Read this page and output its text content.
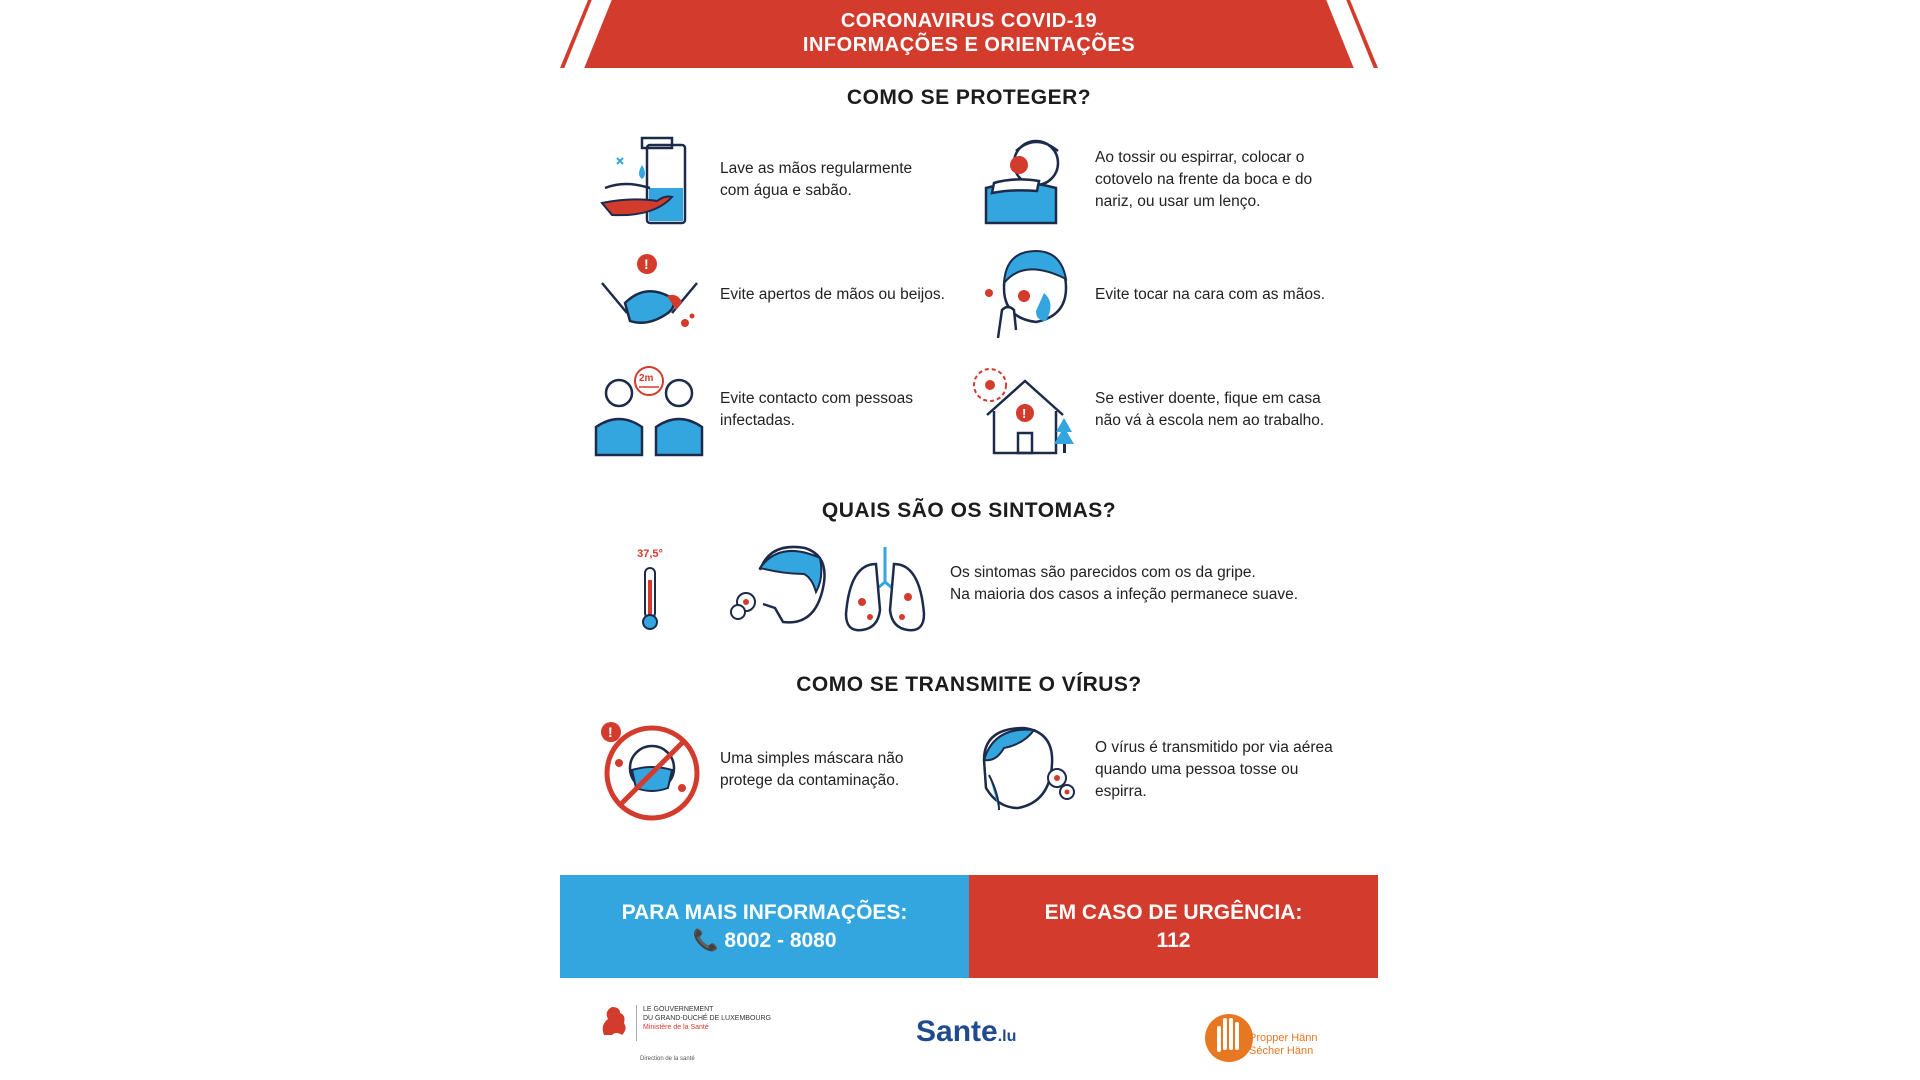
CORONAVIRUS COVID-19
INFORMAÇÕES E ORIENTAÇÕES
COMO SE PROTEGER?
Lave as mãos regularmente com água e sabão.
Ao tossir ou espirrar, colocar o cotovelo na frente da boca e do nariz, ou usar um lenço.
!
Evite apertos de mãos ou beijos.	Evite tocar na cara com as mãos.
2m
Evite contacto com pessoas infectadas.	!
Se estiver doente, fique em casa não vá à escola nem ao trabalho.
QUAIS SÃO OS SINTOMAS?
37,5°
Os sintomas são parecidos com os da gripe.
Na maioria dos casos a infeção permanece suave.
COMO SE TRANSMITE O VÍRUS?
!
Uma simples máscara não protege da contaminação.
O vírus é transmitido por via aérea quando uma pessoa tosse ou espirra.
PARA MAIS INFORMAÇÕES:
📞 8002 - 8080
EM CASO DE URGÊNCIA:
112
LE GOUVERNEMENT
DU GRAND-DUCHÉ DE LUXEMBOURG
Ministère de la Santé
Direction de la santé
Sante.lu	Propper Hänn
Sécher Hänn
